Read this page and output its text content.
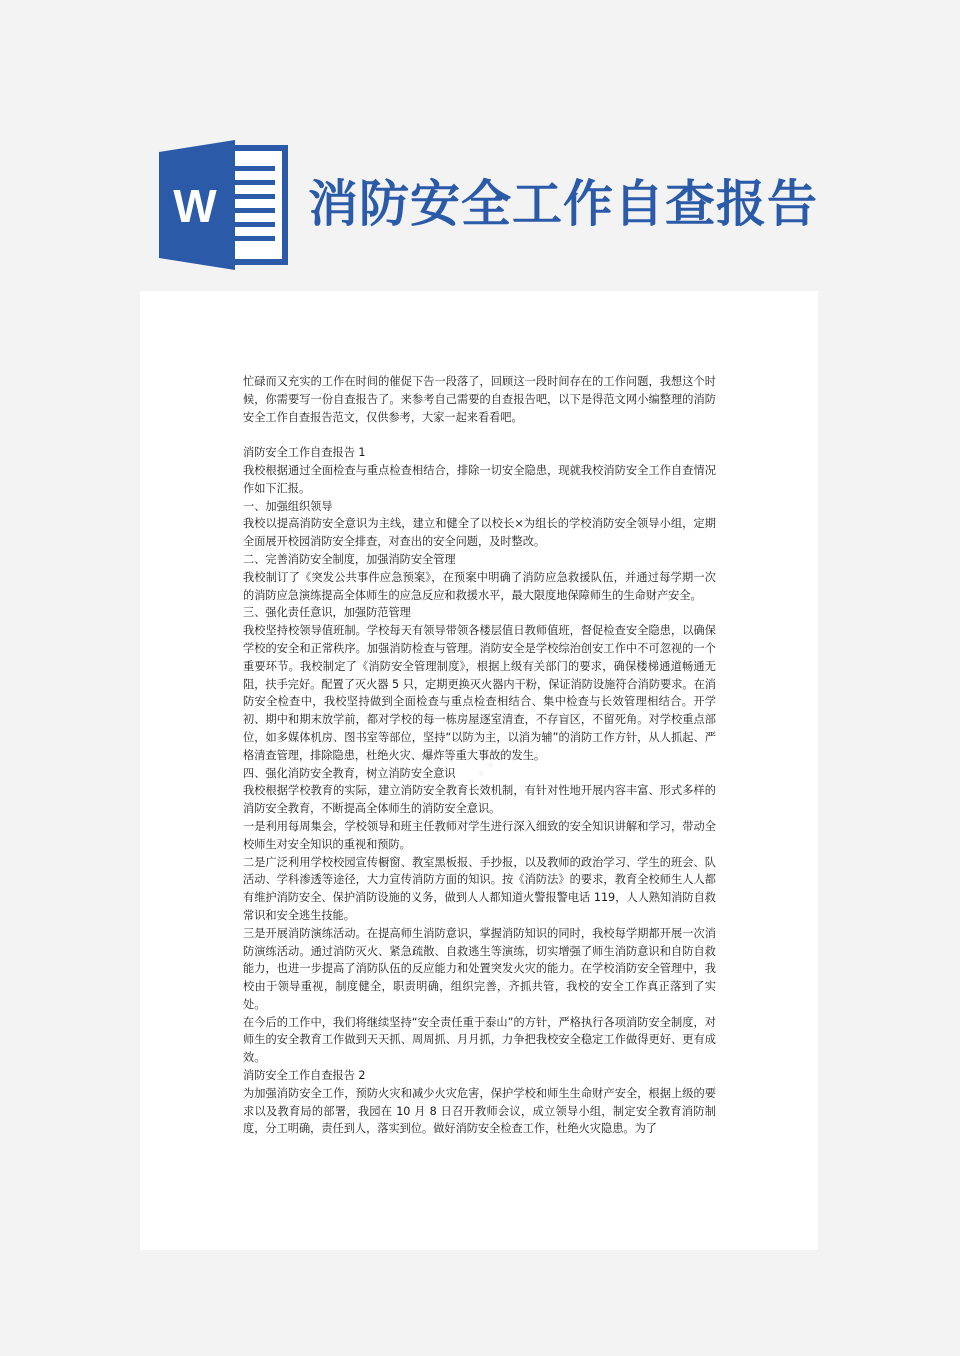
W 消防安全工作自查报告
·····

忙碌而又充实的工作在时间的催促下告一段落了，回顾这一段时间存在的工作问题，我想这个时候，你需要写一份自查报告了。来参考自己需要的自查报告吧，以下是得范文网小编整理的消防安全工作自查报告范文，仅供参考，大家一起来看看吧。

消防安全工作自查报告 1

我校根据通过全面检查与重点检查相结合，排除一切安全隐患，现就我校消防安全工作自查情况作如下汇报。

一、加强组织领导

我校以提高消防安全意识为主线，建立和健全了以校长×为组长的学校消防安全领导小组，定期全面展开校园消防安全排查，对查出的安全问题，及时整改。

二、完善消防安全制度，加强消防安全管理

我校制订了《突发公共事件应急预案》，在预案中明确了消防应急救援队伍，并通过每学期一次的消防应急演练提高全体师生的应急反应和救援水平，最大限度地保障师生的生命财产安全。

三、强化责任意识，加强防范管理

我校坚持校领导值班制。学校每天有领导带领各楼层值日教师值班，督促检查安全隐患，以确保学校的安全和正常秩序。加强消防检查与管理。消防安全是学校综治创安工作中不可忽视的一个重要环节。我校制定了《消防安全管理制度》，根据上级有关部门的要求，确保楼梯通道畅通无阻，扶手完好。配置了灭火器 5 只，定期更换灭火器内干粉，保证消防设施符合消防要求。在消防安全检查中，我校坚持做到全面检查与重点检查相结合、集中检查与长效管理相结合。开学初、期中和期末放学前，都对学校的每一栋房屋逐室清查，不存盲区，不留死角。对学校重点部位，如多媒体机房、图书室等部位，坚持“以防为主，以消为辅”的消防工作方针，从人抓起、严格清查管理，排除隐患，杜绝火灾、爆炸等重大事故的发生。

四、强化消防安全教育，树立消防安全意识

我校根据学校教育的实际，建立消防安全教育长效机制，有针对性地开展内容丰富、形式多样的消防安全教育，不断提高全体师生的消防安全意识。

一是利用每周集会，学校领导和班主任教师对学生进行深入细致的安全知识讲解和学习，带动全校师生对安全知识的重视和预防。

二是广泛利用学校校园宣传橱窗、教室黑板报、手抄报，以及教师的政治学习、学生的班会、队活动、学科渗透等途径，大力宣传消防方面的知识。按《消防法》的要求，教育全校师生人人都有维护消防安全、保护消防设施的义务，做到人人都知道火警报警电话 119，人人熟知消防自救常识和安全逃生技能。

三是开展消防演练活动。在提高师生消防意识，掌握消防知识的同时，我校每学期都开展一次消防演练活动。通过消防灭火、紧急疏散、自救逃生等演练，切实增强了师生消防意识和自防自救能力，也进一步提高了消防队伍的反应能力和处置突发火灾的能力。在学校消防安全管理中，我校由于领导重视，制度健全，职责明确，组织完善，齐抓共管，我校的安全工作真正落到了实处。

在今后的工作中，我们将继续坚持“安全责任重于泰山”的方针，严格执行各项消防安全制度，对师生的安全教育工作做到天天抓、周周抓、月月抓，力争把我校安全稳定工作做得更好、更有成效。

消防安全工作自查报告 2

为加强消防安全工作，预防火灾和减少火灾危害，保护学校和师生生命财产安全，根据上级的要求以及教育局的部署，我园在 10 月 8 日召开教师会议，成立领导小组，制定安全教育消防制度，分工明确，责任到人，落实到位。做好消防安全检查工作，杜绝火灾隐患。为了
